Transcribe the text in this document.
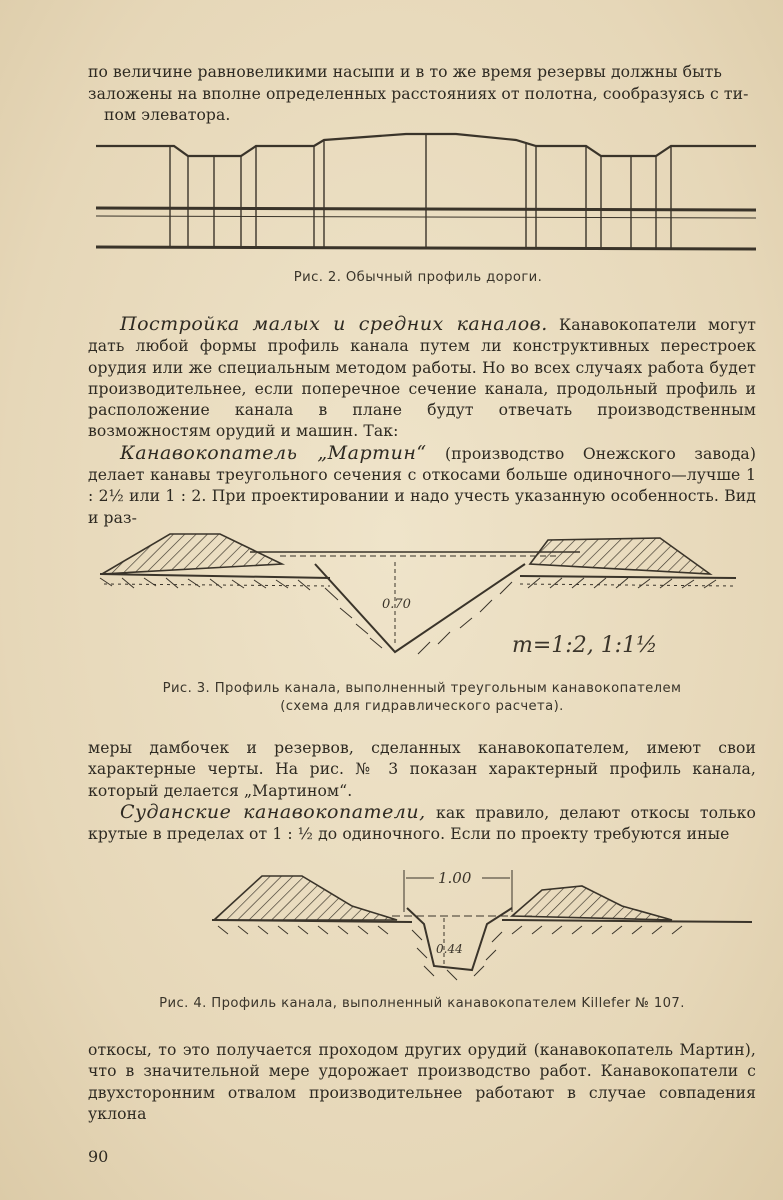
по величине равновеликими насыпи и в то же время резервы должны быть

заложены на вполне определенных расстояниях от полотна, сообразуясь с ти-

пом элеватора.

Рис. 2. Обычный профиль дороги.

Постройка малых и средних каналов. Канавокопатели могут дать любой формы профиль канала путем ли конструктивных перестроек орудия или же специальным методом работы. Но во всех случаях работа будет производительнее, если поперечное сечение канала, продольный профиль и расположение канала в плане будут отвечать производственным возможностям орудий и машин. Так:

Канавокопатель „Мартин“ (производство Онежского завода) делает канавы треугольного сечения с откосами больше одиночного—лучше 1 : 2½ или 1 : 2. При проектировании и надо учесть указанную особенность. Вид и раз-

0.70
m=1:2, 1:1½
Рис. 3. Профиль канала, выполненный треугольным канавокопателем
(схема для гидравлического расчета).

меры дамбочек и резервов, сделанных канавокопателем, имеют свои характерные черты. На рис. № 3 показан характерный профиль канала, который делается „Мартином“.

Суданские канавокопатели, как правило, делают откосы только крутые в пределах от 1 : ½ до одиночного. Если по проекту требуются иные

1.00
0.44
Рис. 4. Профиль канала, выполненный канавокопателем Killefer № 107.

откосы, то это получается проходом других орудий (канавокопатель Мартин), что в значительной мере удорожает производство работ. Канавокопатели с двухсторонним отвалом производительнее работают в случае совпадения уклона

90
